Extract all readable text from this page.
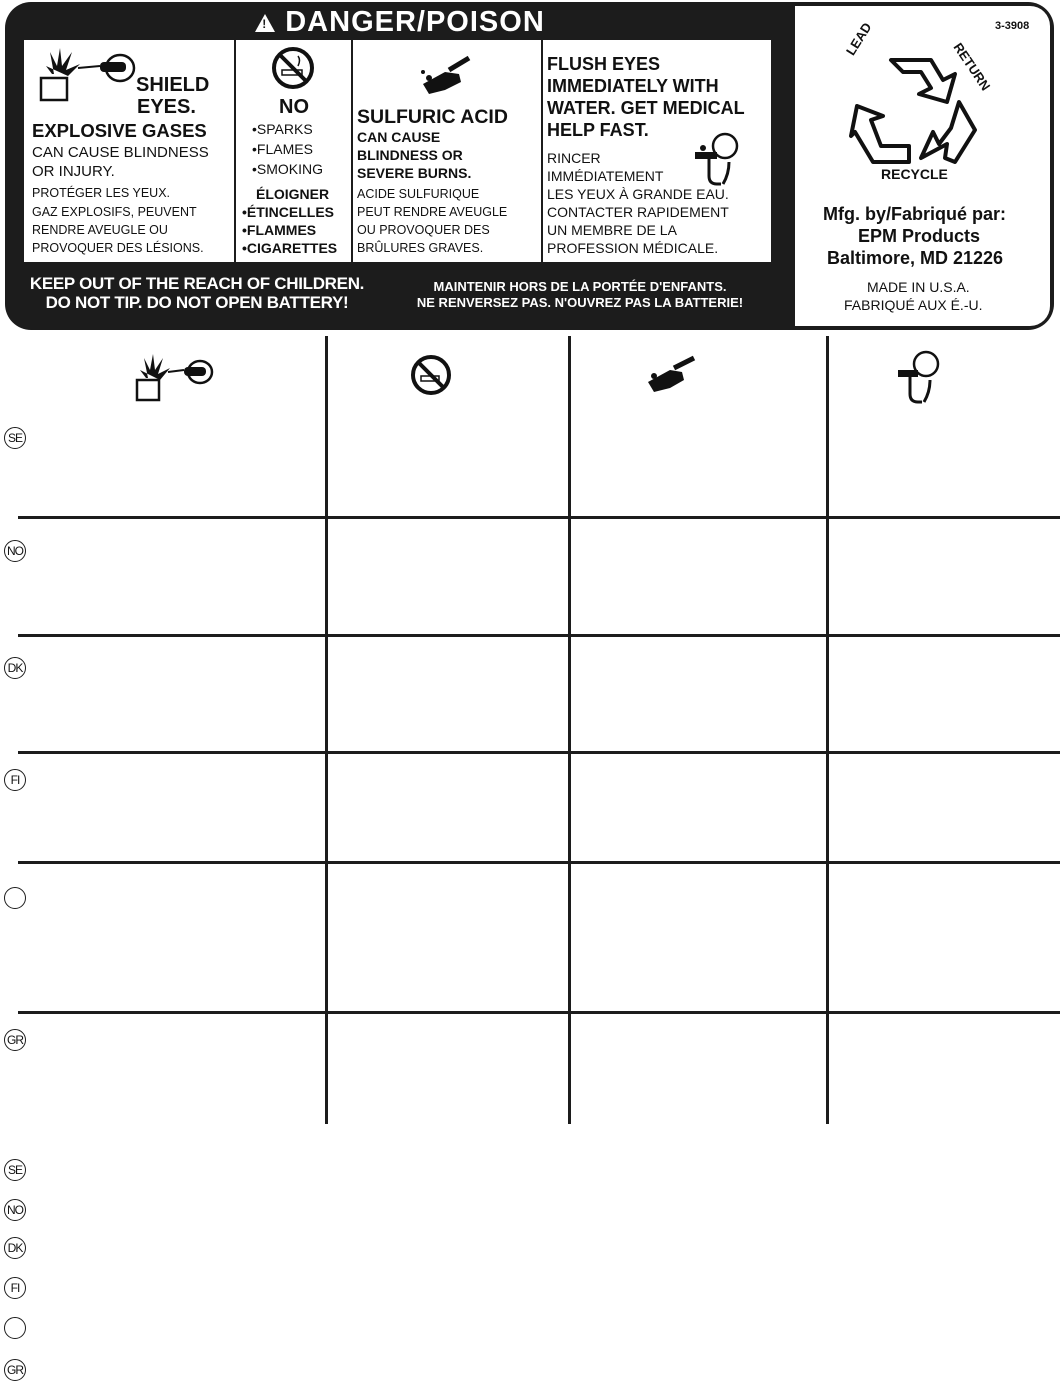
!DANGER/POISON
SHIELD
EYES.
EXPLOSIVE GASES
CAN CAUSE BLINDNESS
OR INJURY.
PROTÉGER LES YEUX.
GAZ EXPLOSIFS, PEUVENT
RENDRE AVEUGLE OU
PROVOQUER DES LÉSIONS.
NO
•SPARKS
•FLAMES
•SMOKING
ÉLOIGNER
•ÉTINCELLES
•FLAMMES
•CIGARETTES
SULFURIC ACID
CAN CAUSE
BLINDNESS OR
SEVERE BURNS.
ACIDE SULFURIQUE
PEUT RENDRE AVEUGLE
OU PROVOQUER DES
BRÛLURES GRAVES.
FLUSH EYES
IMMEDIATELY WITH
WATER. GET MEDICAL
HELP FAST.
RINCER
IMMÉDIATEMENT
LES YEUX À GRANDE EAU.
CONTACTER RAPIDEMENT
UN MEMBRE DE LA
PROFESSION MÉDICALE.
KEEP OUT OF THE REACH OF CHILDREN.
DO NOT TIP. DO NOT OPEN BATTERY!
MAINTENIR HORS DE LA PORTÉE D'ENFANTS.
NE RENVERSEZ PAS. N'OUVREZ PAS LA BATTERIE!
3-3908
LEAD
RETURN
RECYCLE
Mfg. by/Fabriqué par:
EPM Products
Baltimore, MD 21226
MADE IN U.S.A.
FABRIQUÉ AUX É.-U.
SE
NO
DK
FI
GR
SE
NO
DK
FI
GR
